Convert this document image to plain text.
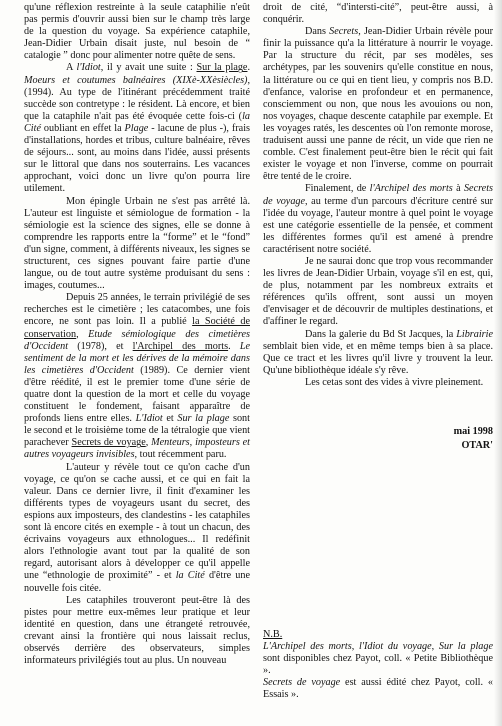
qu'une réflexion restreinte à la seule cataphilie n'eût pas permis d'ouvrir aussi bien sur le champ très large de la question du voyage. Sa expérience cataphile, Jean-Didier Urbain disait juste, nul besoin de “ catalogie ” donc pour alimenter notre quête de sens.

A l'Idiot, il y avait une suite : Sur la plage. Moeurs et coutumes balnéaires (XIXè-XXèsiècles), (1994). Au type de l'itinérant précédemment traité succède son contretype : le résident. Là encore, et bien que la cataphile n'ait pas été évoquée cette fois-ci (la Cité oubliant en effet la Plage - lacune de plus -), frais d'installations, hordes et tribus, culture balnéaire, rêves de séjours... sont, au moins dans l'idée, aussi présents sur le littoral que dans nos souterrains. Les vacances approchant, voici donc un livre qu'on pourra lire utilement.

Mon épingle Urbain ne s'est pas arrêté là. L'auteur est linguiste et sémiologue de formation - la sémiologie est la science des signes, elle se donne à comprendre les rapports entre la “forme” et le “fond” d'un signe, comment, à différents niveaux, les signes se structurent, ces signes pouvant faire partie d'une langue, ou de tout autre système produisant du sens : images, coutumes...

Depuis 25 années, le terrain privilégié de ses recherches est le cimetière ; les catacombes, une fois encore, ne sont pas loin. Il a publié la Société de conservation, Etude sémiologique des cimetières d'Occident (1978), et l'Archipel des morts. Le sentiment de la mort et les dérives de la mémoire dans les cimetières d'Occident (1989). Ce dernier vient d'être réédité, il est le premier tome d'une série de quatre dont la question de la mort et celle du voyage constituent le fondement, faisant apparaître de profonds liens entre elles. L'Idiot et Sur la plage sont le second et le troisième tome de la tétralogie que vient parachever Secrets de voyage, Menteurs, imposteurs et autres voyageurs invisibles, tout récemment paru.

L'auteur y révèle tout ce qu'on cache d'un voyage, ce qu'on se cache aussi, et ce qui en fait la valeur. Dans ce dernier livre, il finit d'examiner les différents types de voyageurs usant du secret, des espions aux imposteurs, des clandestins - les cataphiles sont là encore cités en exemple - à tout un chacun, des écrivains voyageurs aux ethnologues... Il redéfinit alors l'ethnologie avant tout par la qualité de son regard, autorisant alors à développer ce qu'il appelle une “ethnologie de proximité” - et la Cité d'être une nouvelle fois citée.

Les cataphiles trouveront peut-être là des pistes pour mettre eux-mêmes leur pratique et leur identité en question, dans une étrangeté retrouvée, crevant ainsi la frontière qui nous laissait reclus, observés derrière des observateurs, simples informateurs privilégiés tout au plus. Un nouveau

droit de cité, “d'intersti-cité”, peut-être aussi, à conquérir.

Dans Secrets, Jean-Didier Urbain révèle pour finir la puissance qu'a la littérature à nourrir le voyage. Par la structure du récit, par ses modèles, ses archétypes, par les souvenirs qu'elle constitue en nous, la littérature ou ce qui en tient lieu, y compris nos B.D. d'enfance, valorise en profondeur et en permanence, consciemment ou non, que nous les avouions ou non, nos voyages, chaque descente cataphile par exemple. Et les voyages ratés, les descentes où l'on remonte morose, traduisent aussi une panne de récit, un vide que rien ne comble. C'est finalement peut-être bien le récit qui fait exister le voyage et non l'inverse, comme on pourrait être tenté de le croire.

Finalement, de l'Archipel des morts à Secrets de voyage, au terme d'un parcours d'écriture centré sur l'idée du voyage, l'auteur montre à quel point le voyage est une catégorie essentielle de la pensée, et comment les différentes formes qu'il est amené à prendre caractérisent notre société.

Je ne saurai donc que trop vous recommander les livres de Jean-Didier Urbain, voyage s'il en est, qui, de plus, notamment par les nombreux extraits et références qu'ils offrent, sont aussi un moyen d'envisager et de découvrir de multiples destinations, et d'affiner le regard.

Dans la galerie du Bd St Jacques, la Librairie semblait bien vide, et en même temps bien à sa place. Que ce tract et les livres qu'il livre y trouvent la leur. Qu'une bibliothèque idéale s'y rêve.

Les cetas sont des vides à vivre pleinement.

mai 1998
OTAR'

N.B.

L'Archipel des morts, l'Idiot du voyage, Sur la plage sont disponibles chez Payot, coll. « Petite Bibliothèque ».

Secrets de voyage est aussi édité chez Payot, coll. « Essais ».
